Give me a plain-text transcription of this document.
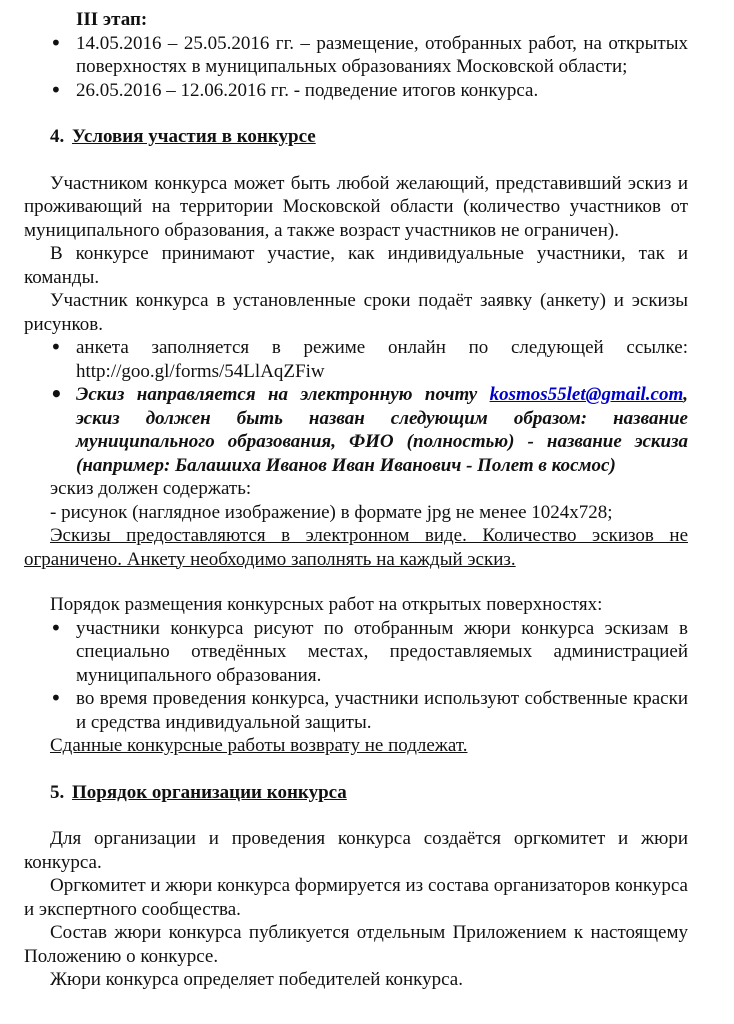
III этап:

• 14.05.2016 – 25.05.2016 гг. – размещение, отобранных работ, на открытых поверхностях в муниципальных образованиях Московской области;
• 26.05.2016 – 12.06.2016 гг. - подведение итогов конкурса.

4. Условия участия в конкурсе

Участником конкурса может быть любой желающий, представивший эскиз и проживающий на территории Московской области (количество участников от муниципального образования, а также возраст участников не ограничен).

В конкурсе принимают участие, как индивидуальные участники, так и команды.

Участник конкурса в установленные сроки подаёт заявку (анкету) и эскизы рисунков.

• анкета заполняется в режиме онлайн по следующей ссылке: http://goo.gl/forms/54LlAqZFiw
• Эскиз направляется на электронную почту kosmos55let@gmail.com, эскиз должен быть назван следующим образом: название муниципального образования, ФИО (полностью) - название эскиза (например: Балашиха Иванов Иван Иванович - Полет в космос)

эскиз должен содержать:

- рисунок (наглядное изображение) в формате jpg не менее 1024х728;

Эскизы предоставляются в электронном виде. Количество эскизов не ограничено. Анкету необходимо заполнять на каждый эскиз.

Порядок размещения конкурсных работ на открытых поверхностях:

• участники конкурса рисуют по отобранным жюри конкурса эскизам в специально отведённых местах, предоставляемых администрацией муниципального образования.
• во время проведения конкурса, участники используют собственные краски и средства индивидуальной защиты.

Сданные конкурсные работы возврату не подлежат.

5. Порядок организации конкурса

Для организации и проведения конкурса создаётся оргкомитет и жюри конкурса.

Оргкомитет и жюри конкурса формируется из состава организаторов конкурса и экспертного сообщества.

Состав жюри конкурса публикуется отдельным Приложением к настоящему Положению о конкурсе.

Жюри конкурса определяет победителей конкурса.
